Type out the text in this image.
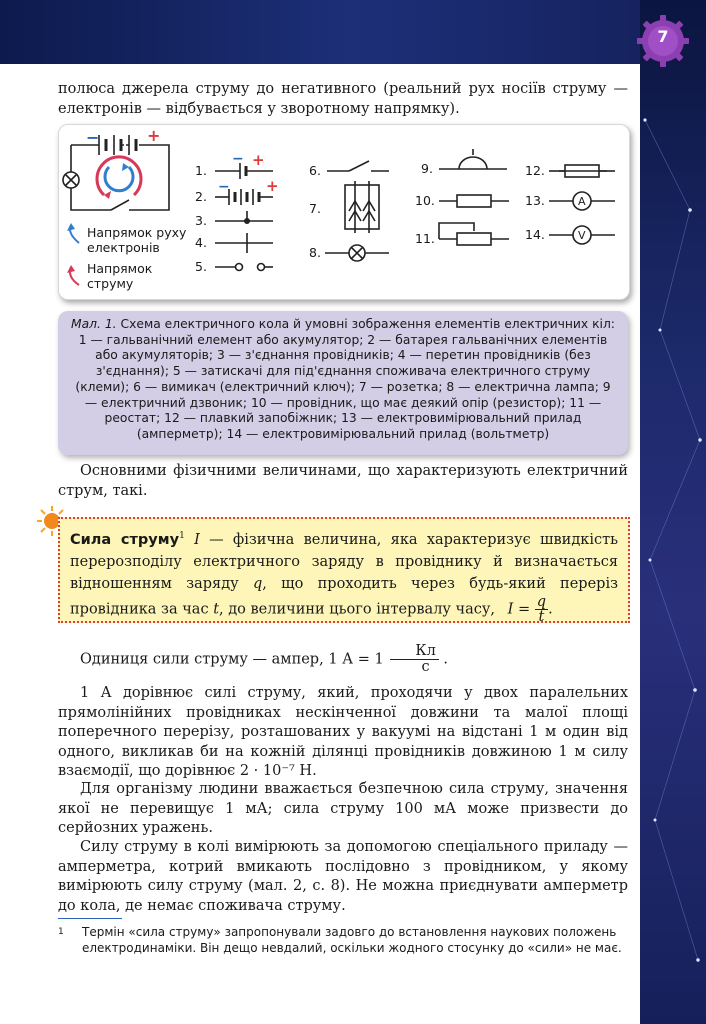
7
полюса джерела струму до негативного (реальний рух носіїв струму — електронів — відбувається у зворотному напрямку).
−	+
1.
2.
3.
4.
5.
6.
7.
8.
9.
10.
11.
12.
13.
14.
− +
− +
A
V
Напрямок руху електронів
Напрямок струму
Мал. 1. Схема електричного кола й умовні зображення елементів електричних кіл: 1 — гальванічний елемент або акумулятор; 2 — батарея гальванічних елементів або акумуляторів; 3 — з'єднання провідників; 4 — перетин провідників (без з'єднання); 5 — затискачі для під'єднання споживача електричного струму (клеми); 6 — вимикач (електричний ключ); 7 — розетка; 8 — електрична лампа; 9 — електричний дзвоник; 10 — провідник, що має деякий опір (резистор); 11 — реостат; 12 — плавкий запобіжник; 13 — електровимірювальний прилад (амперметр); 14 — електровимірювальний прилад (вольтметр)
Основними фізичними величинами, що характеризують електричний струм, такі.
Сила струму$^1$ I — фізична величина, яка характеризує швидкість перерозподілу електричного заряду в провіднику й визначається відношенням заряду q, що проходить через будь-який переріз провідника за час t, до величини цього інтервалу часу, $I = \frac{q}{t}$ .
Одиниця сили струму — ампер, 1 А = 1
Кл
с .
1 А дорівнює силі струму, який, проходячи у двох паралельних прямолінійних провідниках нескінченної довжини та малої площі поперечного перерізу, розташованих у вакуумі на відстані 1 м один від одного, викликав би на кожній ділянці провідників довжиною 1 м силу взаємодії, що дорівнює 2 · 10⁻⁷ Н.
Для організму людини вважається безпечною сила струму, значення якої не перевищує 1 мА; сила струму 100 мА може призвести до серйозних уражень.
Силу струму в колі вимірюють за допомогою спеціального приладу — амперметра, котрий вмикають послідовно з провідником, у якому вимірюють силу струму (мал. 2, с. 8). Не можна приєднувати амперметр до кола, де немає споживача струму.
1 Термін «сила струму» запропонували задовго до встановлення наукових положень електродинаміки. Він дещо невдалий, оскільки жодного стосунку до «сили» не має.
